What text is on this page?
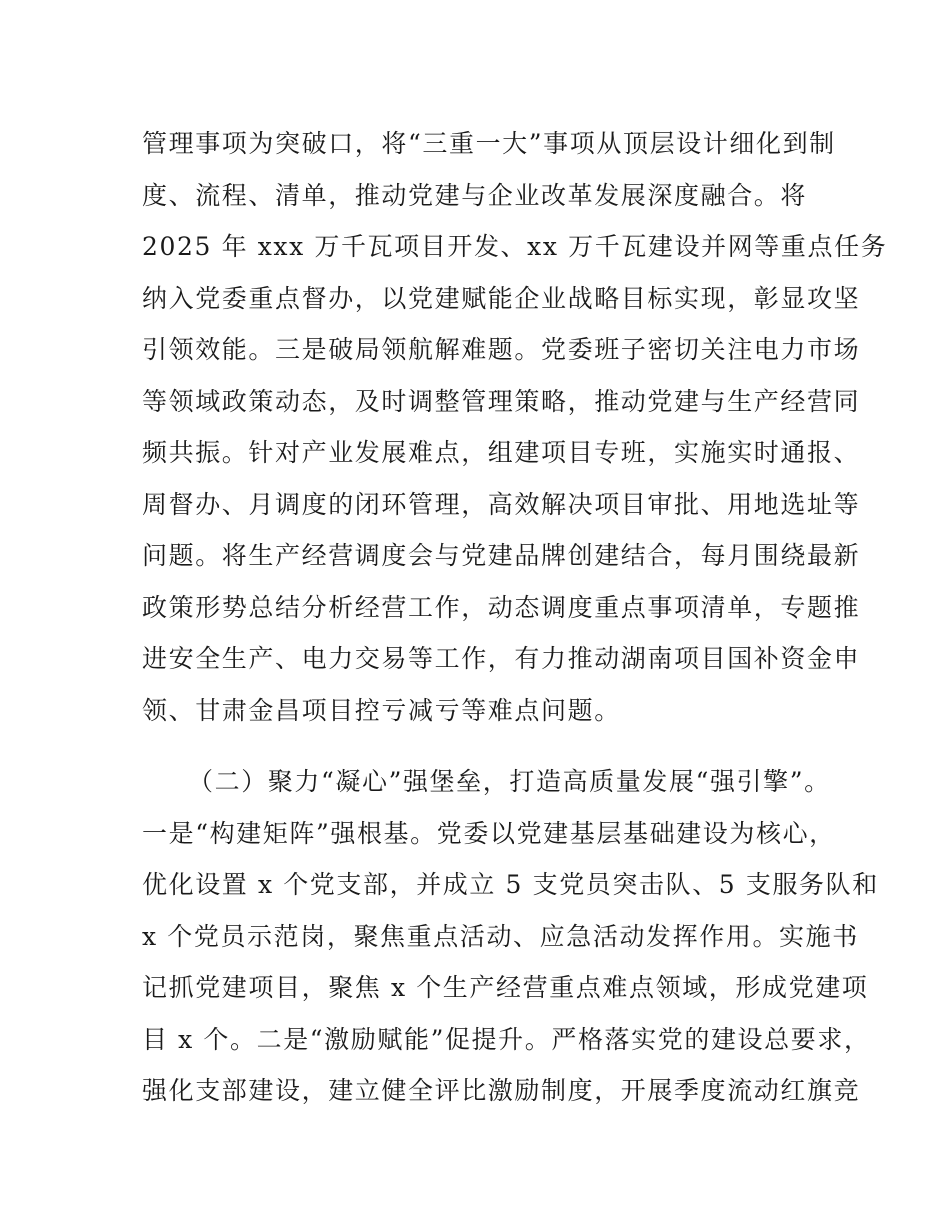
管理事项为突破口，将“三重一大”事项从顶层设计细化到制
度、流程、清单，推动党建与企业改革发展深度融合。将
2025 年 xxx 万千瓦项目开发、xx 万千瓦建设并网等重点任务
纳入党委重点督办，以党建赋能企业战略目标实现，彰显攻坚
引领效能。三是破局领航解难题。党委班子密切关注电力市场
等领域政策动态，及时调整管理策略，推动党建与生产经营同
频共振。针对产业发展难点，组建项目专班，实施实时通报、
周督办、月调度的闭环管理，高效解决项目审批、用地选址等
问题。将生产经营调度会与党建品牌创建结合，每月围绕最新
政策形势总结分析经营工作，动态调度重点事项清单，专题推
进安全生产、电力交易等工作，有力推动湖南项目国补资金申
领、甘肃金昌项目控亏减亏等难点问题。
（二）聚力“凝心”强堡垒，打造高质量发展“强引擎”。
一是“构建矩阵”强根基。党委以党建基层基础建设为核心，
优化设置 x 个党支部，并成立 5 支党员突击队、5 支服务队和
x 个党员示范岗，聚焦重点活动、应急活动发挥作用。实施书
记抓党建项目，聚焦 x 个生产经营重点难点领域，形成党建项
目 x 个。二是“激励赋能”促提升。严格落实党的建设总要求，
强化支部建设，建立健全评比激励制度，开展季度流动红旗竞
